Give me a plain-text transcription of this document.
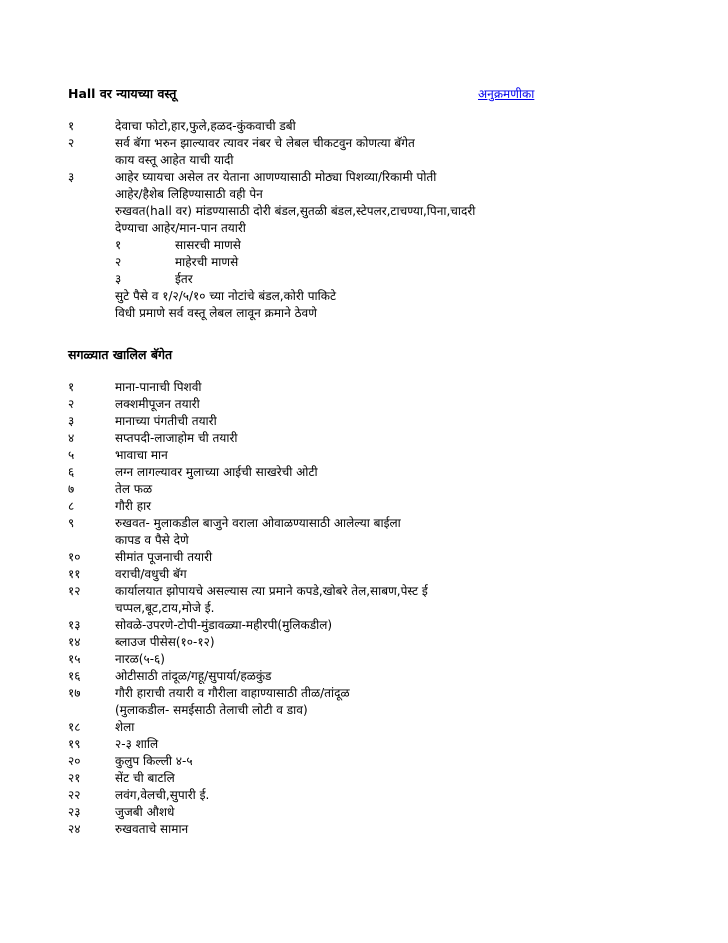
Hall वर न्यायच्या वस्तू	अनुक्रमणीका
१	देवाचा फोटो,हार,फुले,हळद-कुंकवाची डबी
२	सर्व बॅगा भरुन झाल्यावर त्यावर नंबर चे लेबल चीकटवुन कोणत्या बॅगेत
काय वस्तू आहेत याची यादी
३	आहेर घ्यायचा असेल तर येताना आणण्यासाठी मोठ्या पिशव्या/रिकामी पोती
आहेर/हैशेब लिहिण्यासाठी वही पेन
रुखवत(hall वर) मांडण्यासाठी दोरी बंडल,सुतळी बंडल,स्टेपलर,टाचण्या,पिना,चादरी
देण्याचा आहेर/मान-पान तयारी
१	सासरची माणसे
२	माहेरची माणसे
३	ईतर
सुटे पैसे व १/२/५/१० च्या नोटांचे बंडल,कोरी पाकिटे
विधी प्रमाणे सर्व वस्तू लेबल लावून क्रमाने ठेवणे
सगळ्यात खालिल बॅगेत
१	माना-पानाची पिशवी
२	लक्शमीपूजन तयारी
३	मानाच्या पंगतीची तयारी
४	सप्तपदी-लाजाहोम ची तयारी
५	भावाचा मान
६	लग्न लागल्यावर मुलाच्या आईची साखरेची ओटी
७	तेल फळ
८	गौरी हार
९	रुखवत- मुलाकडील बाजुने वराला ओवाळण्यासाठी आलेल्या बाईला
कापड व पैसे देणे
१०	सीमांत पूजनाची तयारी
११	वराची/वधुची बॅग
१२	कार्यालयात झोपायचे असल्यास त्या प्रमाने कपडे,खोबरे तेल,साबण,पेस्ट ई
चप्पल,बूट,टाय,मोजे ई.
१३	सोवळे-उपरणे-टोपी-मुंडावळ्या-महीरपी(मुलिकडील)
१४	ब्लाउज पीसेस(१०-१२)
१५	नारळ(५-६)
१६	ओटीसाठी तांदूळ/गहू/सुपार्या/हळकुंड
१७	गौरी हाराची तयारी व गौरीला वाहाण्यासाठी तीळ/तांदूळ
(मुलाकडील- समईसाठी तेलाची लोटी व डाव)
१८	शेला
१९	२-३ शालि
२०	कुलुप किल्ली ४-५
२१	सेंट ची बाटलि
२२	लवंग,वेलची,सुपारी ई.
२३	जुजबी औशधे
२४	रुखवताचे सामान
